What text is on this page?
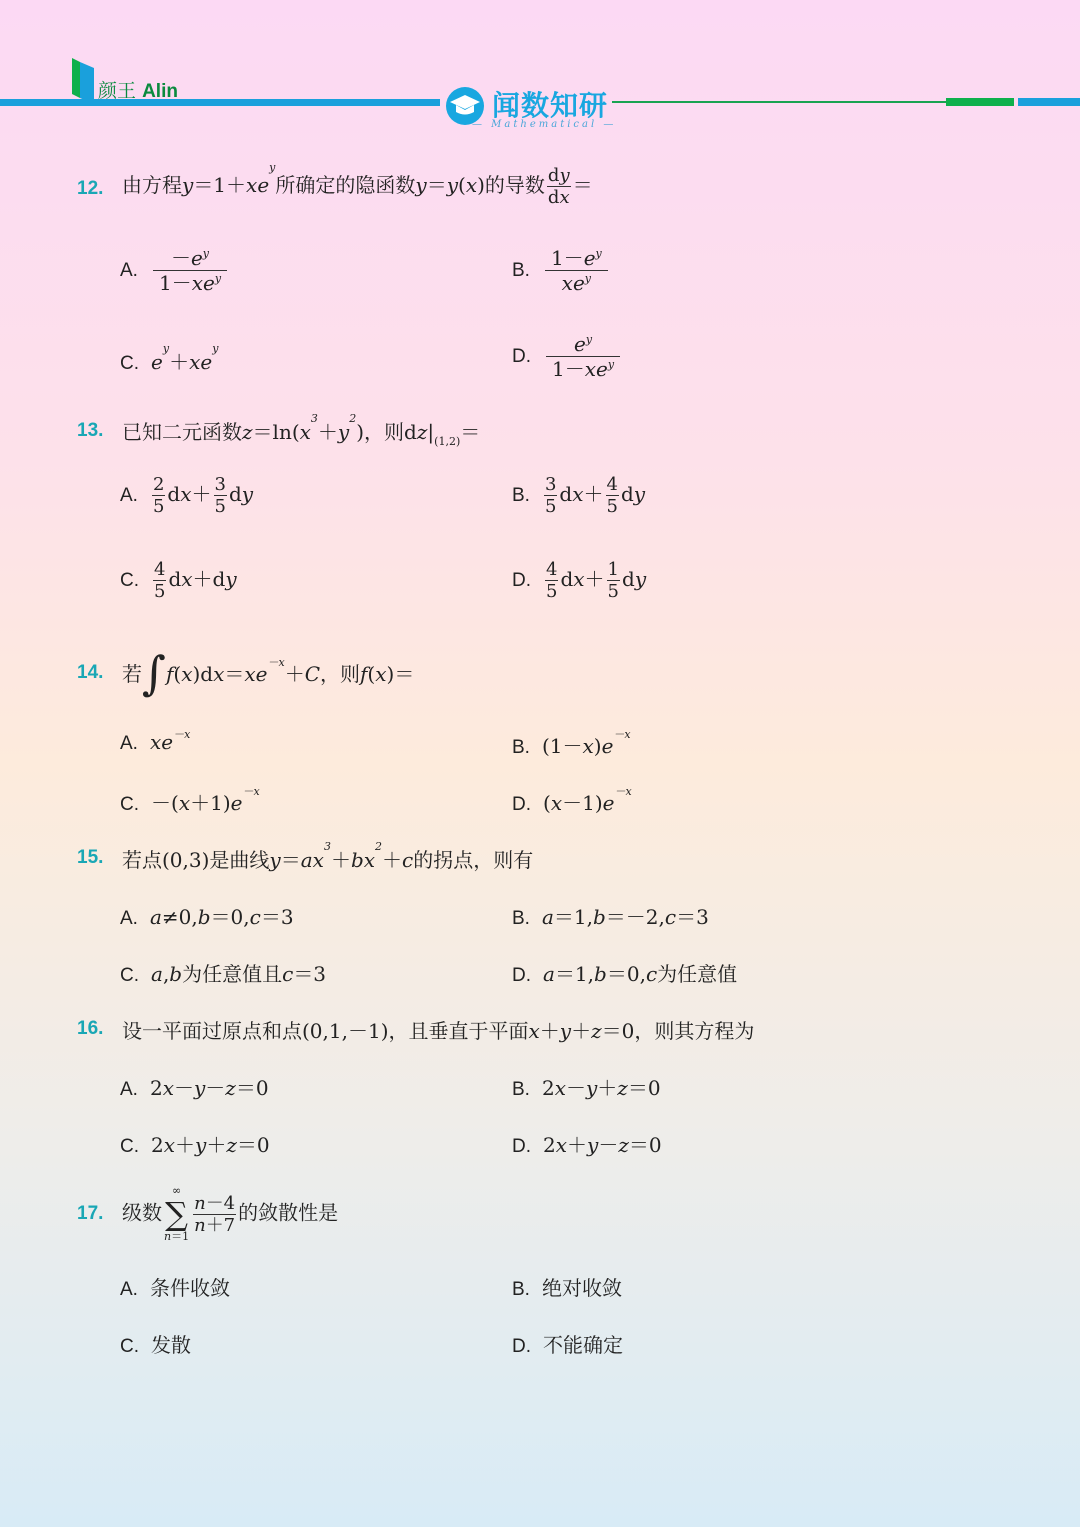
颜王 Alin	闻数知研
— Mathematical —
12. 由方程$y=1+xe^y$所确定的隐函数y＝y(x)的导数 $\frac{dy}{dx}$ ＝
A. $\frac{-e^y}{1-xe^y}$	B. $\frac{1-e^y}{xe^y}$
C. $e^y+xe^y$	D. $\frac{e^y}{1-xe^y}$
13. 已知二元函数$z=\ln(x^3+y^2)$，则$dz|_{(1,2)}=$
A. $\frac{2}{5} dx+ \frac{3}{5}$ dy	B. $\frac{3}{5} dx+ \frac{4}{5}$ dy
C. $\frac{4}{5} dx+dy$	D. $\frac{4}{5} dx+ \frac{1}{5}$ dy
14. 若$\int f(x)dx=xe^{-x}+C$，则f(x)＝
A. $xe^{-x}$
B. $(1-x)e^{-x}$
C. $-(x+1)e^{-x}$
D. $(x-1)e^{-x}$
15. 若点(0,3)是曲线$y=ax^3+bx^2+c$的拐点，则有
A. a≠0,b＝0,c＝3	B. a＝1,b＝－2,c＝3
C. a,b为任意值且c＝3	D. a＝1,b＝0,c为任意值
16. 设一平面过原点和点(0,1,－1)，且垂直于平面x＋y＋z＝0，则其方程为
A. 2x－y－z＝0	B. 2x－y＋z＝0
C. 2x＋y＋z＝0	D. 2x＋y－z＝0
17. 级数
∞
∑
n＝1
$\frac{n-4}{n+7}$ 的敛散性是
A. 条件收敛	B. 绝对收敛
C. 发散	D. 不能确定
